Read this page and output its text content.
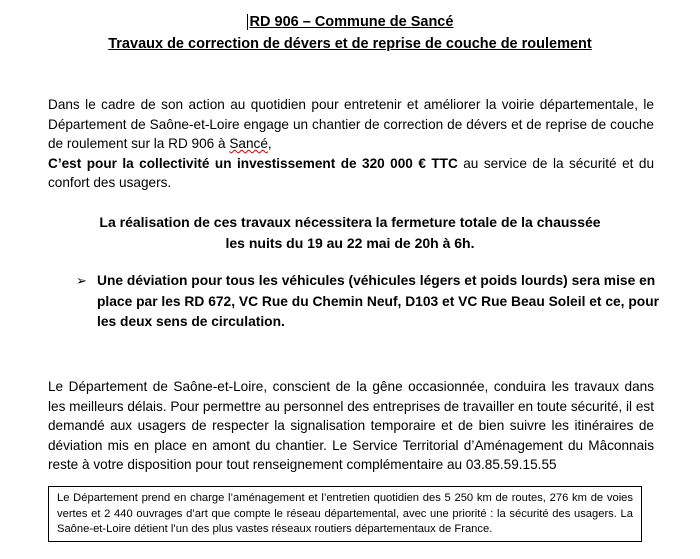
RD 906 – Commune de Sancé
Travaux de correction de dévers et de reprise de couche de roulement

Dans le cadre de son action au quotidien pour entretenir et améliorer la voirie départementale, le Département de Saône-et-Loire engage un chantier de correction de dévers et de reprise de couche de roulement sur la RD 906 à Sancé,
C’est pour la collectivité un investissement de 320 000 € TTC au service de la sécurité et du confort des usagers.

La réalisation de ces travaux nécessitera la fermeture totale de la chaussée
les nuits du 19 au 22 mai de 20h à 6h.
➢ Une déviation pour tous les véhicules (véhicules légers et poids lourds) sera mise en place par les RD 672, VC Rue du Chemin Neuf, D103 et VC Rue Beau Soleil et ce, pour les deux sens de circulation.

Le Département de Saône-et-Loire, conscient de la gêne occasionnée, conduira les travaux dans les meilleurs délais. Pour permettre au personnel des entreprises de travailler en toute sécurité, il est demandé aux usagers de respecter la signalisation temporaire et de bien suivre les itinéraires de déviation mis en place en amont du chantier. Le Service Territorial d’Aménagement du Mâconnais reste à votre disposition pour tout renseignement complémentaire au 03.85.59.15.55

Le Département prend en charge l’aménagement et l’entretien quotidien des 5 250 km de routes, 276 km de voies vertes et 2 440 ouvrages d’art que compte le réseau départemental, avec une priorité : la sécurité des usagers. La Saône-et-Loire détient l’un des plus vastes réseaux routiers départementaux de France.
